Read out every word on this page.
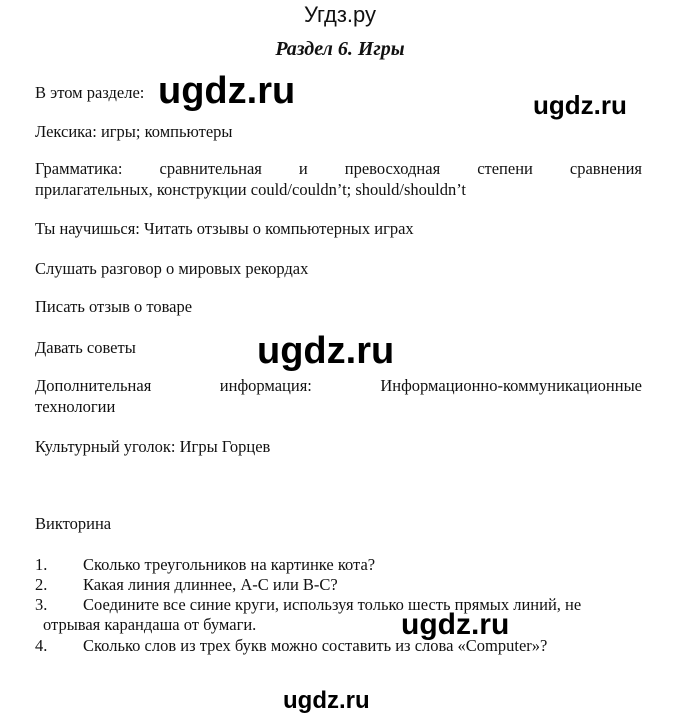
Угдз.ру
Раздел 6. Игры
В этом разделе: ugdz.ru	ugdz.ru
Лексика: игры; компьютеры
Грамматика: сравнительная и превосходная степени сравнения
прилагательных, конструкции could/couldn’t; should/shouldn’t
Ты научишься: Читать отзывы о компьютерных играх
Слушать разговор о мировых рекордах
Писать отзыв о товаре
Давать советы	ugdz.ru
Дополнительная информация: Информационно-коммуникационные
технологии
Культурный уголок: Игры Горцев
Викторина
1. Сколько треугольников на картинке кота?
2. Какая линия длиннее, A-C или B-C?
3. Соедините все синие круги, используя только шесть прямых линий, не
отрывая карандаша от бумаги.
4. Сколько слов из трех букв можно составить из слова «Computer»?
ugdz.ru
ugdz.ru
